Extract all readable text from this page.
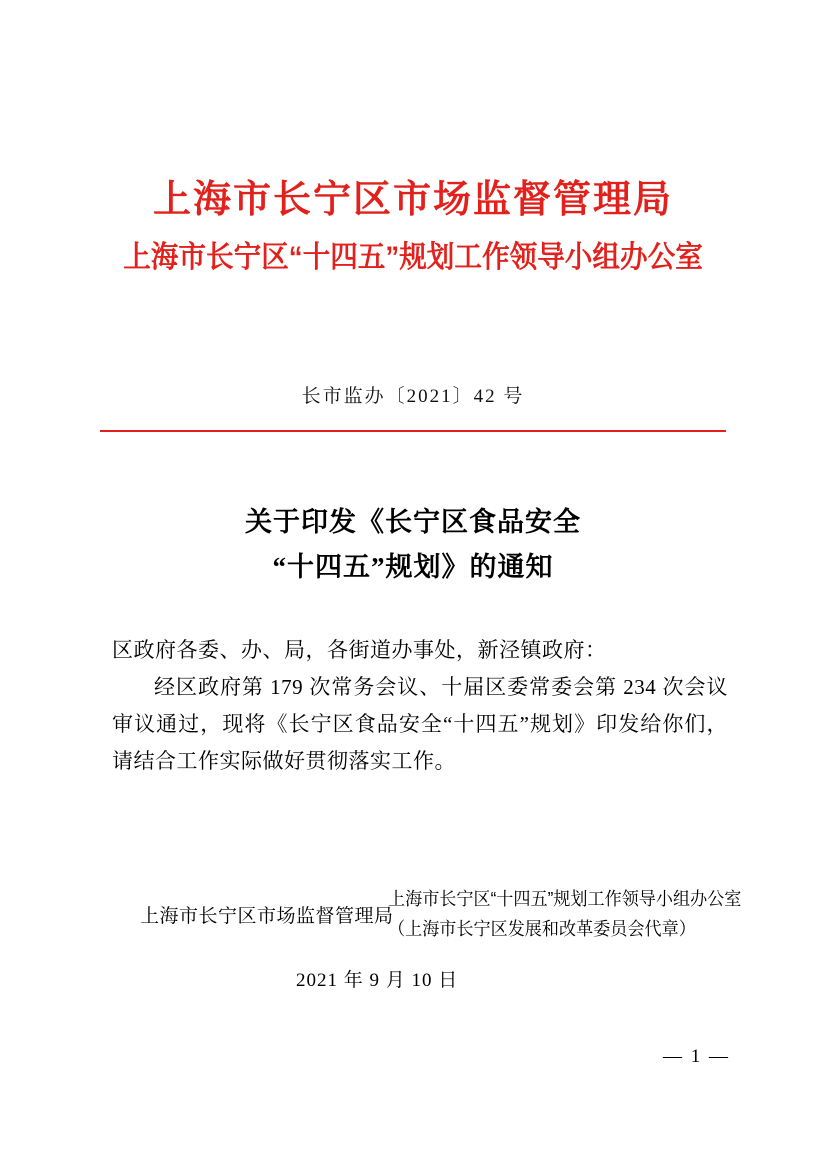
上海市长宁区市场监督管理局
上海市长宁区“十四五”规划工作领导小组办公室
长市监办〔2021〕42 号
关于印发《长宁区食品安全
“十四五”规划》的通知

区政府各委、办、局，各街道办事处，新泾镇政府：

经区政府第 179 次常务会议、十届区委常委会第 234 次会议审议通过，现将《长宁区食品安全“十四五”规划》印发给你们，请结合工作实际做好贯彻落实工作。

上海市长宁区市场监督管理局
上海市长宁区“十四五”规划工作领导小组办公室
（上海市长宁区发展和改革委员会代章）
2021 年 9 月 10 日
— 1 —
